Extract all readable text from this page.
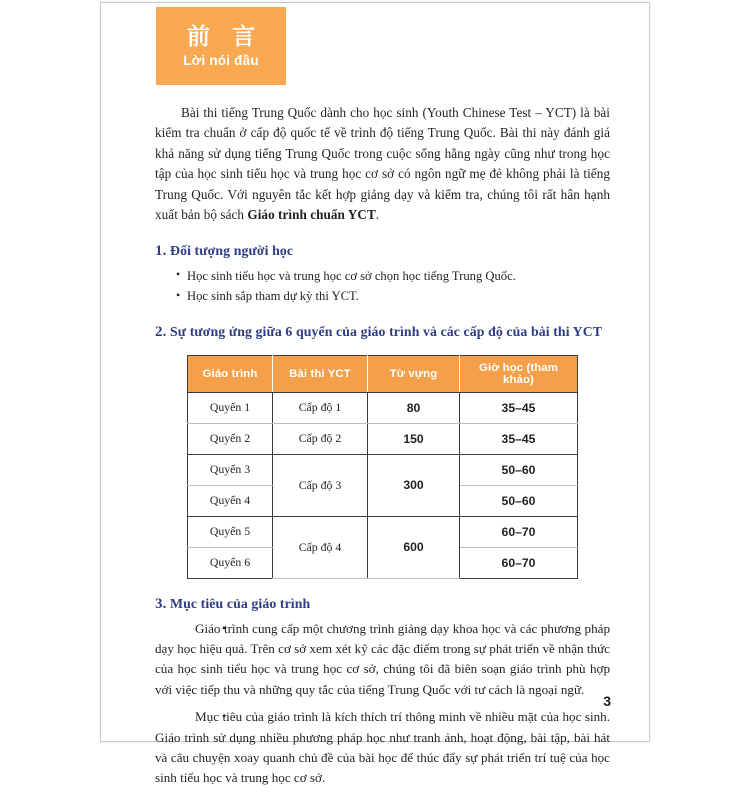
前 言
Lời nói đầu

Bài thi tiếng Trung Quốc dành cho học sinh (Youth Chinese Test – YCT) là bài kiểm tra chuẩn ở cấp độ quốc tế về trình độ tiếng Trung Quốc. Bài thi này đánh giá khả năng sử dụng tiếng Trung Quốc trong cuộc sống hằng ngày cũng như trong học tập của học sinh tiểu học và trung học cơ sở có ngôn ngữ mẹ đẻ không phải là tiếng Trung Quốc. Với nguyên tắc kết hợp giảng dạy và kiểm tra, chúng tôi rất hân hạnh xuất bản bộ sách Giáo trình chuẩn YCT.

1. Đối tượng người học
• Học sinh tiểu học và trung học cơ sở chọn học tiếng Trung Quốc.
• Học sinh sắp tham dự kỳ thi YCT.
2. Sự tương ứng giữa 6 quyển của giáo trình và các cấp độ của bài thi YCT
Giáo trình	Bài thi YCT	Từ vựng	Giờ học (tham khảo)
Quyển 1	Cấp độ 1	80	35–45
Quyển 2	Cấp độ 2	150	35–45
Quyển 3	Cấp độ 3	300	50–60
Quyển 4			50–60
Quyển 5	Cấp độ 4	600	60–70
Quyển 6			60–70
3. Mục tiêu của giáo trình
• Giáo trình cung cấp một chương trình giảng dạy khoa học và các phương pháp dạy học hiệu quả. Trên cơ sở xem xét kỹ các đặc điểm trong sự phát triển về nhận thức của học sinh tiểu học và trung học cơ sở, chúng tôi đã biên soạn giáo trình phù hợp với việc tiếp thu và những quy tắc của tiếng Trung Quốc với tư cách là ngoại ngữ.
• Mục tiêu của giáo trình là kích thích trí thông minh về nhiều mặt của học sinh. Giáo trình sử dụng nhiều phương pháp học như tranh ảnh, hoạt động, bài tập, bài hát và câu chuyện xoay quanh chủ đề của bài học để thúc đẩy sự phát triển trí tuệ của học sinh tiểu học và trung học cơ sở.
3
